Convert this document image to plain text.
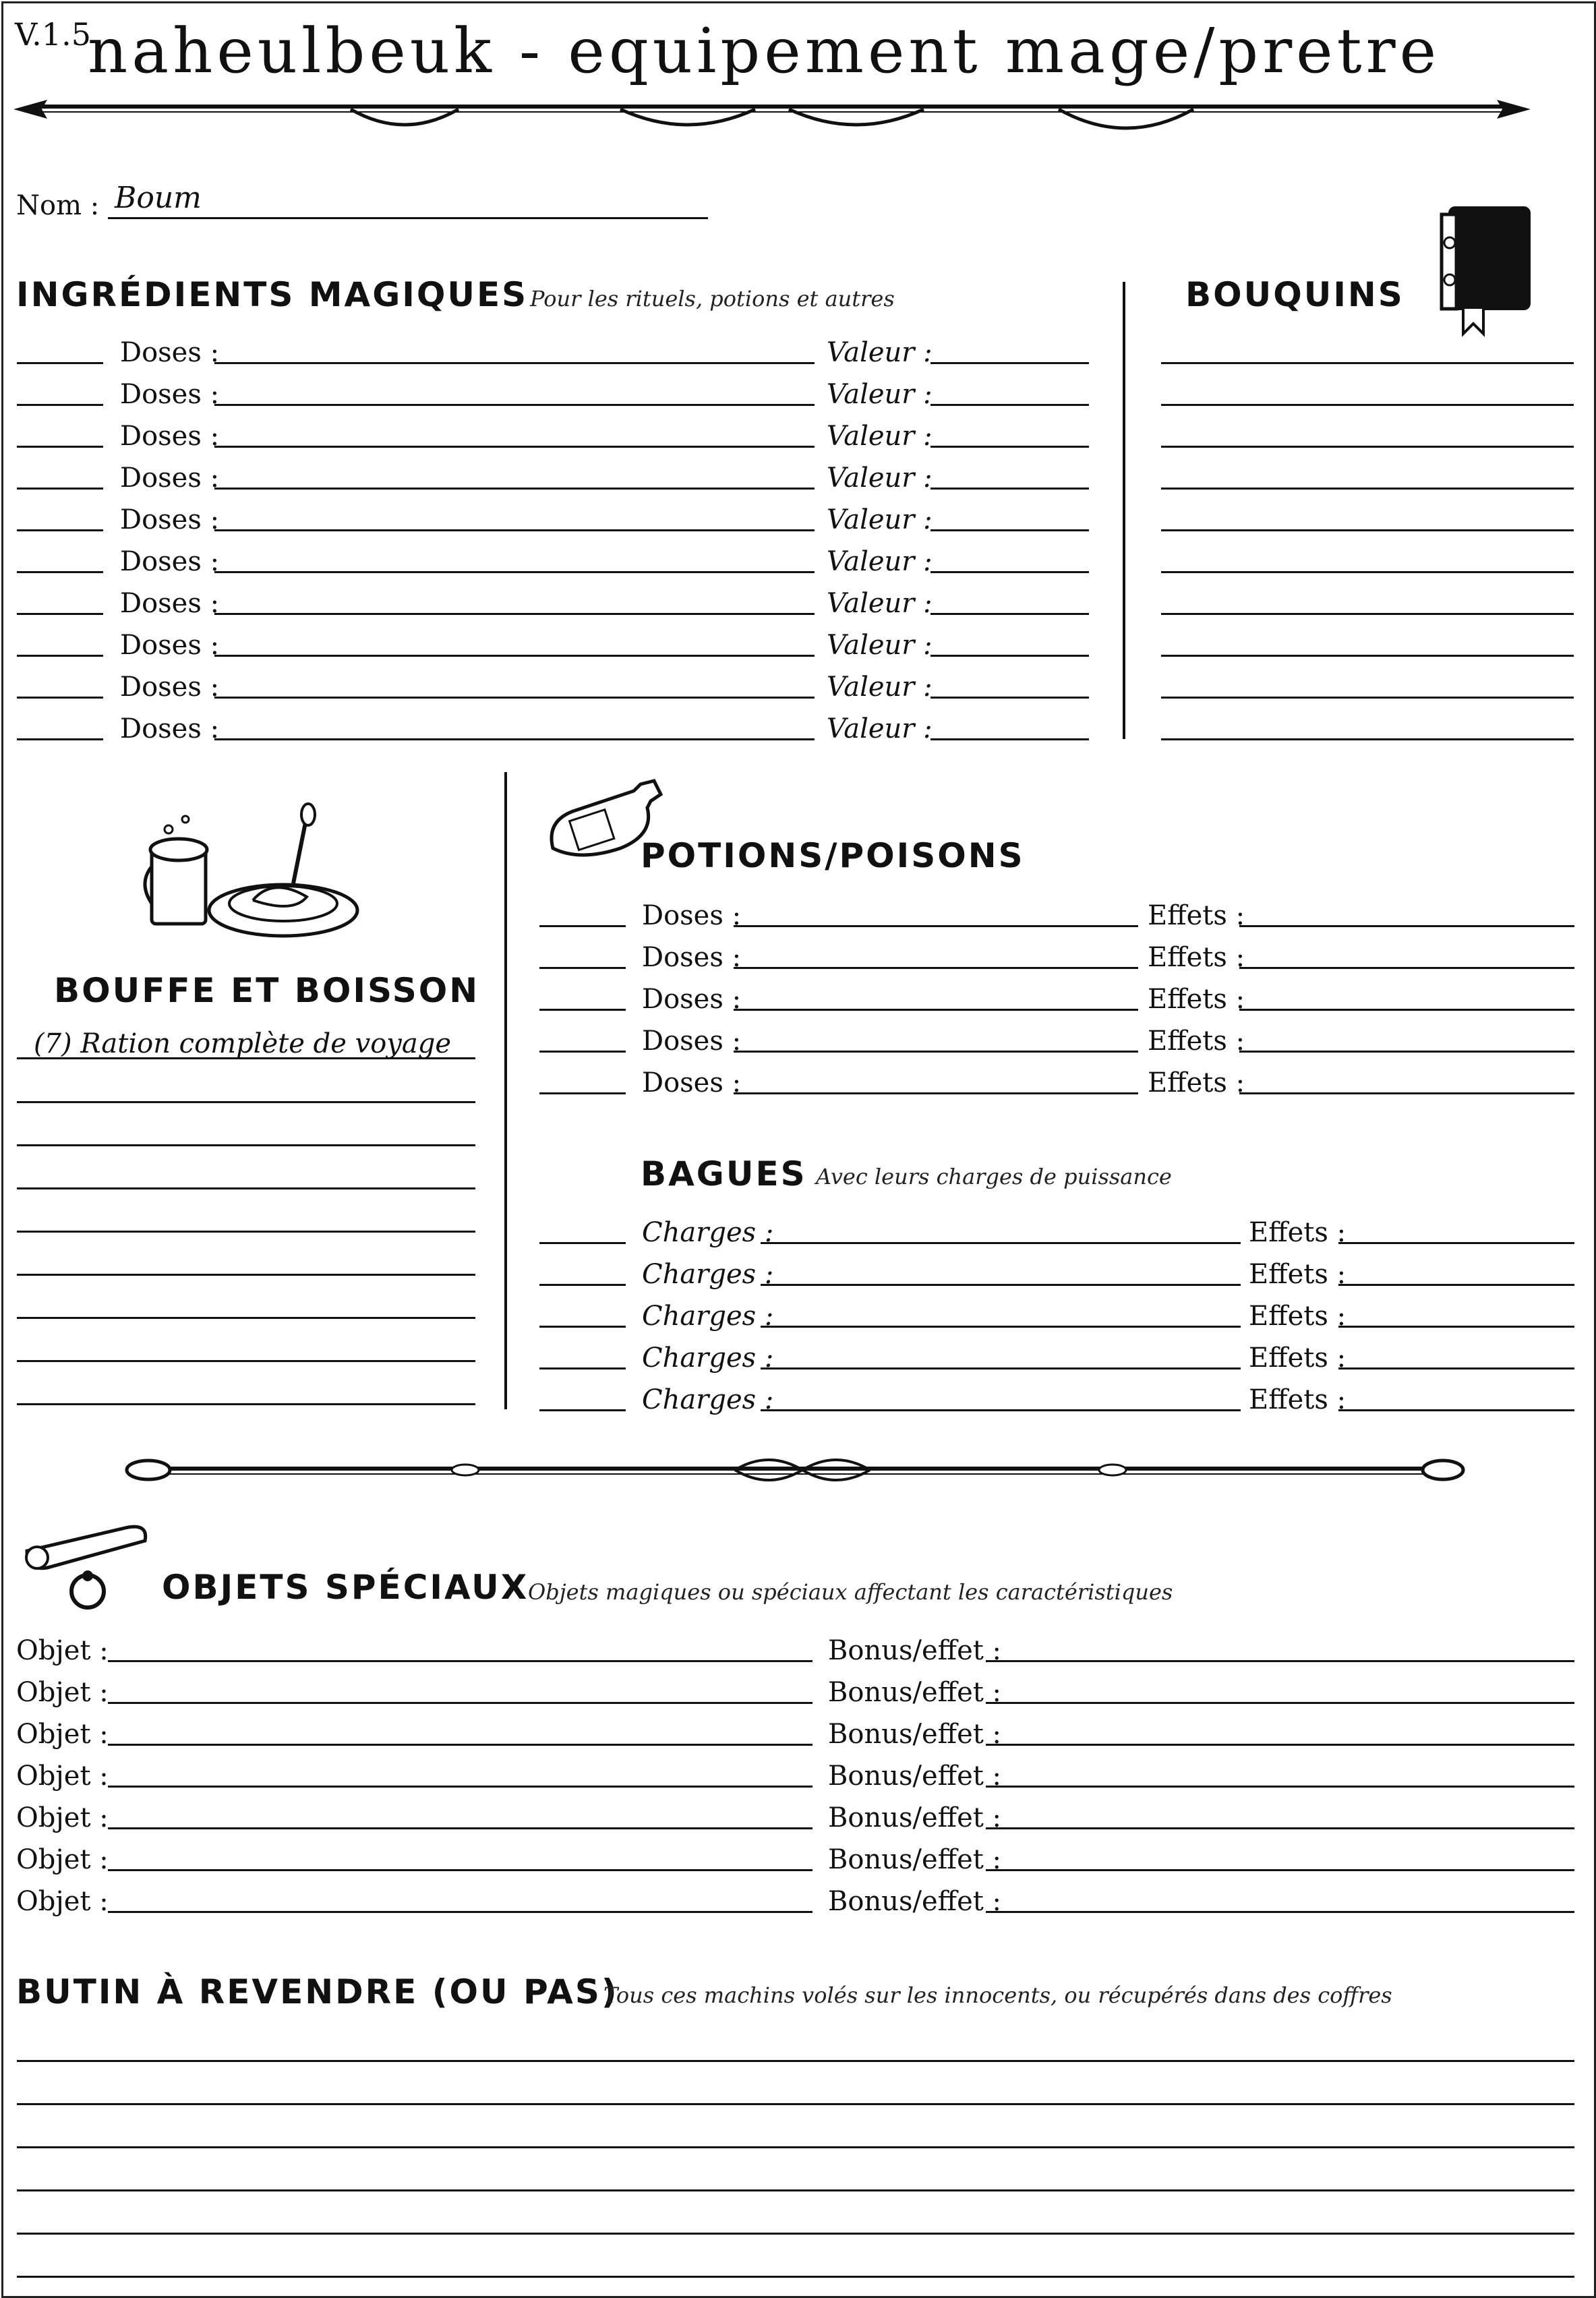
V.1.5
naheulbeuk - equipement mage/pretre
Nom : Boum
INGRÉDIENTS MAGIQUES Pour les rituels, potions et autres
Doses :	Valeur :
Doses :	Valeur :
Doses :	Valeur :
Doses :	Valeur :
Doses :	Valeur :
Doses :	Valeur :
Doses :	Valeur :
Doses :	Valeur :
Doses :	Valeur :
Doses :	Valeur :
BOUQUINS
BOUFFE ET BOISSON
(7) Ration complète de voyage
POTIONS/POISONS
Doses :	Effets :
Doses :	Effets :
Doses :	Effets :
Doses :	Effets :
Doses :	Effets :
BAGUES Avec leurs charges de puissance
Charges :	Effets :
Charges :	Effets :
Charges :	Effets :
Charges :	Effets :
Charges :	Effets :
OBJETS SPÉCIAUX
Objets magiques ou spéciaux affectant les caractéristiques
Objet :	Bonus/effet :
Objet :	Bonus/effet :
Objet :	Bonus/effet :
Objet :	Bonus/effet :
Objet :	Bonus/effet :
Objet :	Bonus/effet :
Objet :	Bonus/effet :
BUTIN À REVENDRE (OU PAS)
Tous ces machins volés sur les innocents, ou récupérés dans des coffres
